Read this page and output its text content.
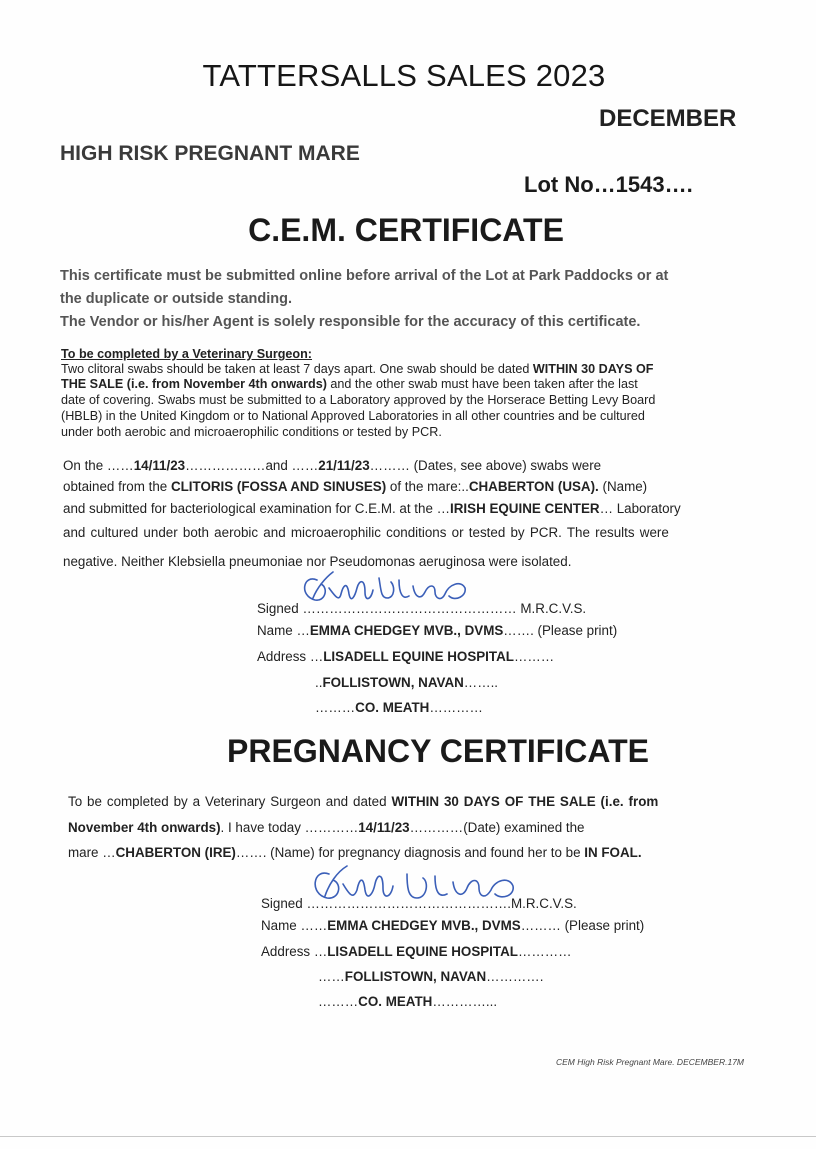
TATTERSALLS SALES 2023
DECEMBER
HIGH RISK PREGNANT MARE
Lot No…1543….
C.E.M. CERTIFICATE
This certificate must be submitted online before arrival of the Lot at Park Paddocks or at
the duplicate or outside standing.
The Vendor or his/her Agent is solely responsible for the accuracy of this certificate.
To be completed by a Veterinary Surgeon:
Two clitoral swabs should be taken at least 7 days apart. One swab should be dated WITHIN 30 DAYS OF
THE SALE (i.e. from November 4th onwards) and the other swab must have been taken after the last
date of covering. Swabs must be submitted to a Laboratory approved by the Horserace Betting Levy Board
(HBLB) in the United Kingdom or to National Approved Laboratories in all other countries and be cultured
under both aerobic and microaerophilic conditions or tested by PCR.
On the ……14/11/23………………and ……21/11/23……… (Dates, see above) swabs were
obtained from the CLITORIS (FOSSA AND SINUSES) of the mare:..CHABERTON (USA). (Name)
and submitted for bacteriological examination for C.E.M. at the …IRISH EQUINE CENTER… Laboratory
and cultured under both aerobic and microaerophilic conditions or tested by PCR. The results were
negative. Neither Klebsiella pneumoniae nor Pseudomonas aeruginosa were isolated.
Signed ………………………………………… M.R.C.V.S.
Name …EMMA CHEDGEY MVB., DVMS……. (Please print)
Address …LISADELL EQUINE HOSPITAL………
..FOLLISTOWN, NAVAN……..
………CO. MEATH…………
PREGNANCY CERTIFICATE
To be completed by a Veterinary Surgeon and dated WITHIN 30 DAYS OF THE SALE (i.e. from
November 4th onwards). I have today …………14/11/23…………(Date) examined the
mare …CHABERTON (IRE)……. (Name) for pregnancy diagnosis and found her to be IN FOAL.
Signed ……………………………………….M.R.C.V.S.
Name ……EMMA CHEDGEY MVB., DVMS……… (Please print)
Address …LISADELL EQUINE HOSPITAL…………
……FOLLISTOWN, NAVAN………….
………CO. MEATH…………...
CEM High Risk Pregnant Mare. DECEMBER.17M
